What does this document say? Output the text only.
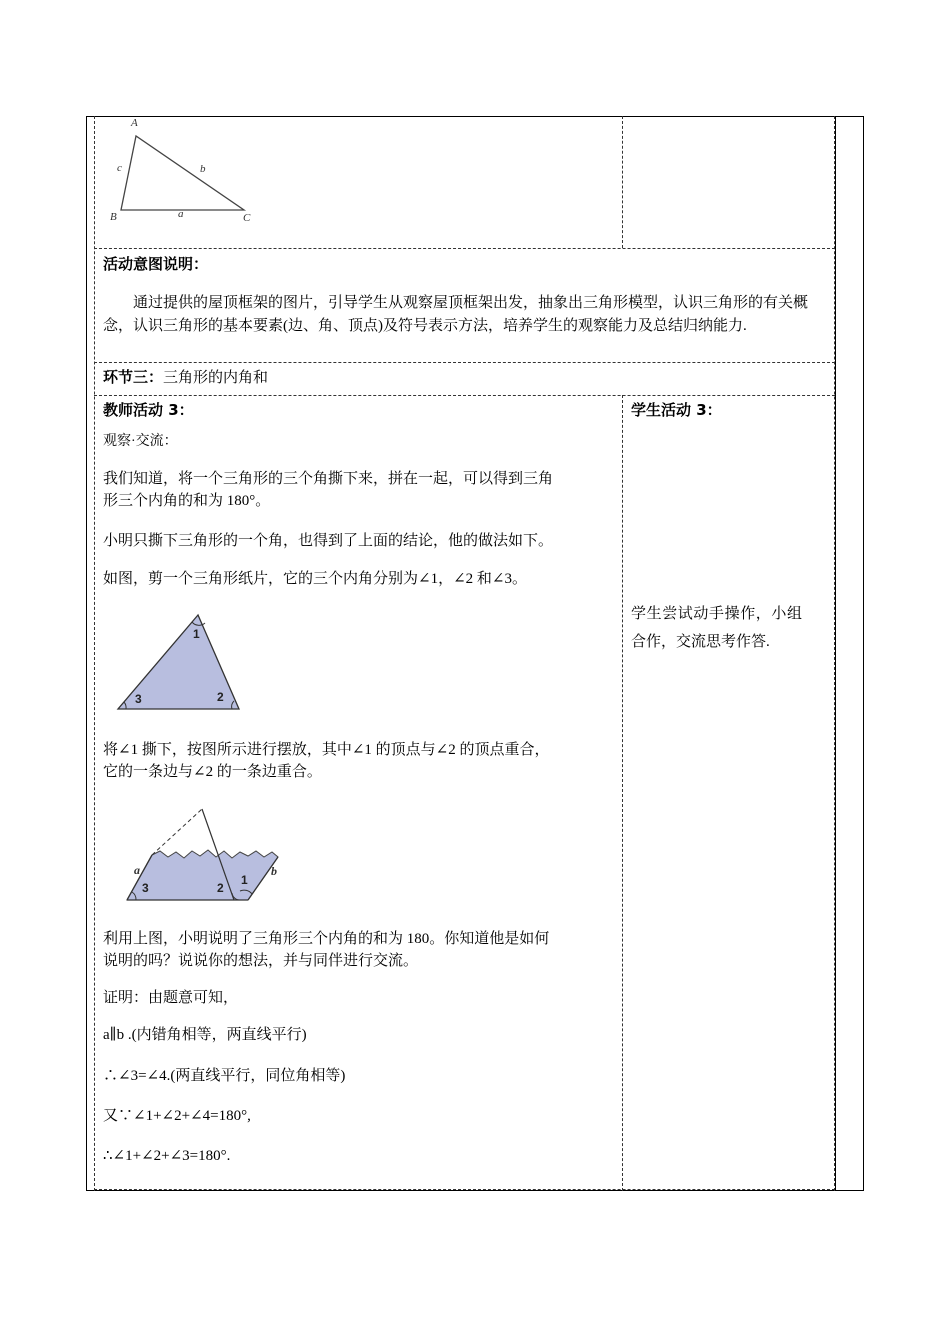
A
B	C
a
b
c
活动意图说明：
通过提供的屋顶框架的图片，引导学生从观察屋顶框架出发，抽象出三角形模型，认识三角形的有关概念，认识三角形的基本要素(边、角、顶点)及符号表示方法，培养学生的观察能力及总结归纳能力.
环节三：三角形的内角和
教师活动 3：
观察·交流：
我们知道，将一个三角形的三个角撕下来，拼在一起，可以得到三角
形三个内角的和为 180°。
小明只撕下三角形的一个角，也得到了上面的结论，他的做法如下。
如图，剪一个三角形纸片，它的三个内角分别为∠1，∠2 和∠3。
1
2
3
将∠1 撕下，按图所示进行摆放，其中∠1 的顶点与∠2 的顶点重合，
它的一条边与∠2 的一条边重合。
a	b
1
2
3
利用上图，小明说明了三角形三个内角的和为 180。你知道他是如何
说明的吗？说说你的想法，并与同伴进行交流。
证明：由题意可知，
a∥b .(内错角相等，两直线平行)
∴∠3=∠4.(两直线平行，同位角相等)
又∵∠1+∠2+∠4=180°,
∴∠1+∠2+∠3=180°.
学生活动 3：
学生尝试动手操作，小组
合作，交流思考作答.
